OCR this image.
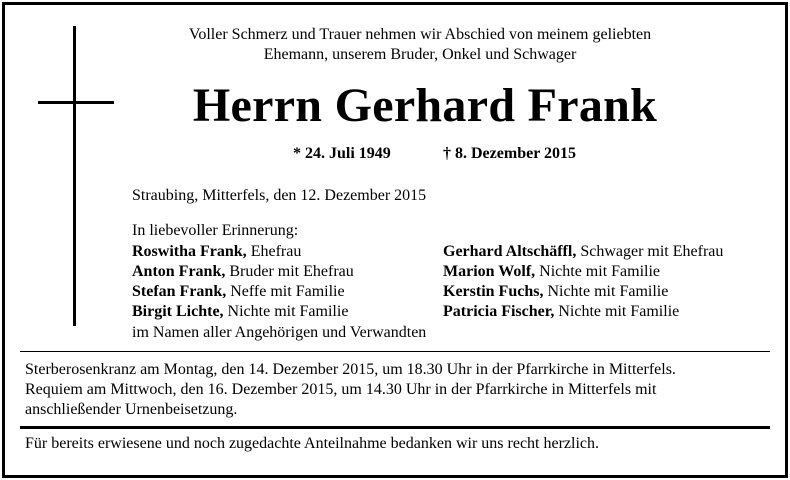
Voller Schmerz und Trauer nehmen wir Abschied von meinem geliebten
Ehemann, unserem Bruder, Onkel und Schwager
Herrn Gerhard Frank
* 24. Juli 1949	† 8. Dezember 2015
Straubing, Mitterfels, den 12. Dezember 2015
In liebevoller Erinnerung:
Roswitha Frank, Ehefrau
Anton Frank, Bruder mit Ehefrau
Stefan Frank, Neffe mit Familie
Birgit Lichte, Nichte mit Familie
Gerhard Altschäffl, Schwager mit Ehefrau
Marion Wolf, Nichte mit Familie
Kerstin Fuchs, Nichte mit Familie
Patricia Fischer, Nichte mit Familie
im Namen aller Angehörigen und Verwandten
Sterberosenkranz am Montag, den 14. Dezember 2015, um 18.30 Uhr in der Pfarrkirche in Mitterfels.
Requiem am Mittwoch, den 16. Dezember 2015, um 14.30 Uhr in der Pfarrkirche in Mitterfels mit
anschließender Urnenbeisetzung.
Für bereits erwiesene und noch zugedachte Anteilnahme bedanken wir uns recht herzlich.
